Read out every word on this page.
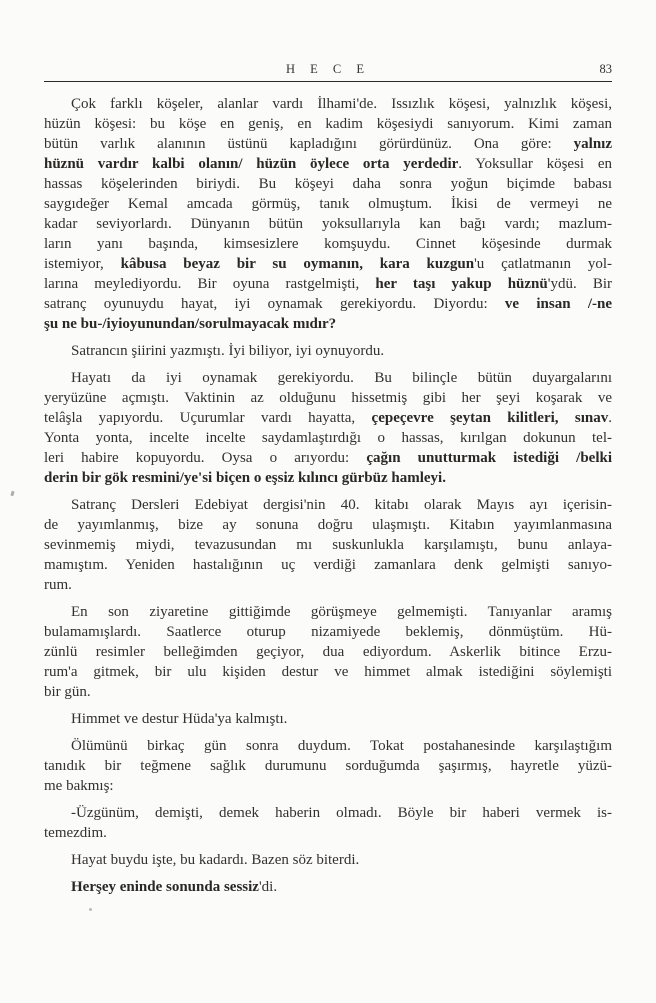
H E C E	83
Çok farklı köşeler, alanlar vardı İlhami'de. Issızlık köşesi, yalnızlık köşesi,
hüzün köşesi: bu köşe en geniş, en kadim köşesiydi sanıyorum. Kimi zaman
bütün varlık alanının üstünü kapladığını görürdünüz. Ona göre: yalnız
hüznü vardır kalbi olanın/ hüzün öylece orta yerdedir. Yoksullar köşesi en
hassas köşelerinden biriydi. Bu köşeyi daha sonra yoğun biçimde babası
saygıdeğer Kemal amcada görmüş, tanık olmuştum. İkisi de vermeyi ne
kadar seviyorlardı. Dünyanın bütün yoksullarıyla kan bağı vardı; mazlum-
ların yanı başında, kimsesizlere komşuydu. Cinnet köşesinde durmak
istemiyor, kâbusa beyaz bir su oymanın, kara kuzgun'u çatlatmanın yol-
larına meylediyordu. Bir oyuna rastgelmişti, her taşı yakup hüznü'ydü. Bir
satranç oyunuydu hayat, iyi oynamak gerekiyordu. Diyordu: ve insan /-ne
şu ne bu-/iyioyunundan/sorulmayacak mıdır?
Satrancın şiirini yazmıştı. İyi biliyor, iyi oynuyordu.
Hayatı da iyi oynamak gerekiyordu. Bu bilinçle bütün duyargalarını
yeryüzüne açmıştı. Vaktinin az olduğunu hissetmiş gibi her şeyi koşarak ve
telâşla yapıyordu. Uçurumlar vardı hayatta, çepeçevre şeytan kilitleri, sınav.
Yonta yonta, incelte incelte saydamlaştırdığı o hassas, kırılgan dokunun tel-
leri habire kopuyordu. Oysa o arıyordu: çağın unutturmak istediği /belki
derin bir gök resmini/ye'si biçen o eşsiz kılıncı gürbüz hamleyi.
Satranç Dersleri Edebiyat dergisi'nin 40. kitabı olarak Mayıs ayı içerisin-
de yayımlanmış, bize ay sonuna doğru ulaşmıştı. Kitabın yayımlanmasına
sevinmemiş miydi, tevazusundan mı suskunlukla karşılamıştı, bunu anlaya-
mamıştım. Yeniden hastalığının uç verdiği zamanlara denk gelmişti sanıyo-
rum.
En son ziyaretine gittiğimde görüşmeye gelmemişti. Tanıyanlar aramış
bulamamışlardı. Saatlerce oturup nizamiyede beklemiş, dönmüştüm. Hü-
zünlü resimler belleğimden geçiyor, dua ediyordum. Askerlik bitince Erzu-
rum'a gitmek, bir ulu kişiden destur ve himmet almak istediğini söylemişti
bir gün.
Himmet ve destur Hüda'ya kalmıştı.
Ölümünü birkaç gün sonra duydum. Tokat postahanesinde karşılaştığım
tanıdık bir teğmene sağlık durumunu sorduğumda şaşırmış, hayretle yüzü-
me bakmış:
-Üzgünüm, demişti, demek haberin olmadı. Böyle bir haberi vermek is-
temezdim.
Hayat buydu işte, bu kadardı. Bazen söz biterdi.
Herşey eninde sonunda sessiz'di.
